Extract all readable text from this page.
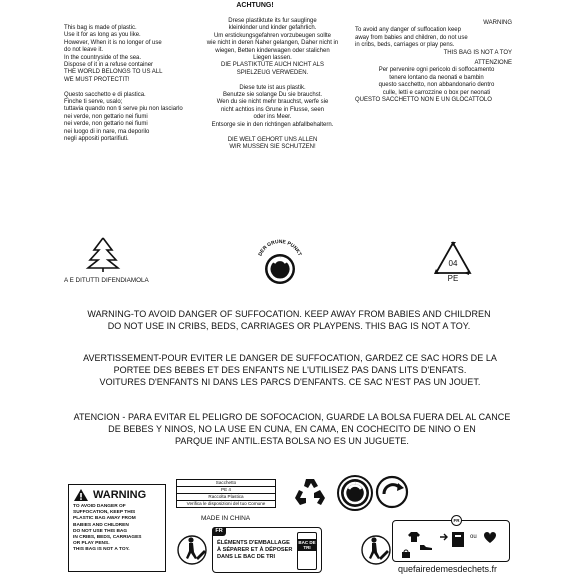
ACHTUNG!
This bag is made of plastic.
Use it for as long as you like.
However, When it is no longer of use
do not leave it.
In the countryside of the sea.
Dispose of it in a refuse container
THE WORLD BELONGS TO US ALL
WE MUST PROTECTIT!

Questo sacchetto e di plastica.
Finche ti serve, usalo;
tuttavia quando non ti serve piu non lasciarlo
nei verde, non gettario nei fiumi
nei verde, non gettario nei fiumi
nei luogo di in nare, ma deporilo
negli appositi portarifiuti.
Drese plastiktute its fur sauglinge
kleinkinder und kinder gefahrlich.
Um erstickungsgefahren vorzubeugen sollte
wie nicht in deren Naher gelangen, Daher nicht in
wiegen, Betten kinderwagen oder stalichen
Liegen lassen.
DIE PLASTIKTUTE AUCH NICHT ALS
SPIELZEUG VERWEDEN.

Diese tute ist aus plastik.
Benutze sie solange Du sie brauchst.
Wen du sie nicht mehr brauchst, werfe sie
nicht achtios ins Grune in Flusse, seen
oder ins Meer.
Entsorge sie in den richtingen abfallbehaltern.

DIE WELT GEHORT UNS ALLEN
WIR MUSSEN SIE SCHUTZEN!
WARNING
To avoid any danger of suffocation keep
away from babies and children, do not use
in cribs, beds, carriages or play pens.
THIS BAG IS NOT A TOY
ATTENZIONE
Per pervenire ogni pericolo di soffocamento
tenere lontano da neonati e bambin
questo sacchetto, non abbandonario dentro
culle, letti e carrozzine o box per neonati
QUESTO SACCHETTO NON E UN GLOCATTOLO
A E DITUTTI DIFENDIAMOLA
DER GRUNE PUNKT
04
PE
WARNING-TO AVOID DANGER OF SUFFOCATION. KEEP AWAY FROM BABIES AND CHILDREN
DO NOT USE IN CRIBS, BEDS, CARRIAGES OR PLAYPENS. THIS BAG IS NOT A TOY.
AVERTISSEMENT-POUR EVITER LE DANGER DE SUFFOCATION, GARDEZ CE SAC HORS DE LA
PORTEE DES BEBES ET DES ENFANTS NE L'UTILISEZ PAS DANS LITS D'ENFATS.
VOITURES D'ENFANTS NI DANS LES PARCS D'ENFANTS. CE SAC N'EST PAS UN JOUET.
ATENCION - PARA EVITAR EL PELIGRO DE SOFOCACION, GUARDE LA BOLSA FUERA DEL AL CANCE
DE BEBES Y NINOS, NO LA USE EN CUNA, EN CAMA, EN COCHECITO DE NINO O EN
PARQUE INF ANTIL.ESTA BOLSA NO ES UN JUGUETE.
WARNING
TO AVOID DANGER OF
SUFFOCATION, KEEP THIS
PLASTIC BAG AWAY FROM
BABIES AND CHILDREN
DO NOT USE THIS BAG
IN CRIBS, BEDS, CARRIAGES
OR PLAY PENS.
THIS BAG IS NOT A TOY.
Sacchetto
PE 4
Raccolta Plastica
Verifica le disposizioni del tuo Comune
MADE IN CHINA
FR
ÉLÉMENTS D'EMBALLAGE
À SÉPARER ET À DÉPOSER
DANS LE BAC DE TRI
BAC DE TRI
FR
ou
quefairedemesdechets.fr
